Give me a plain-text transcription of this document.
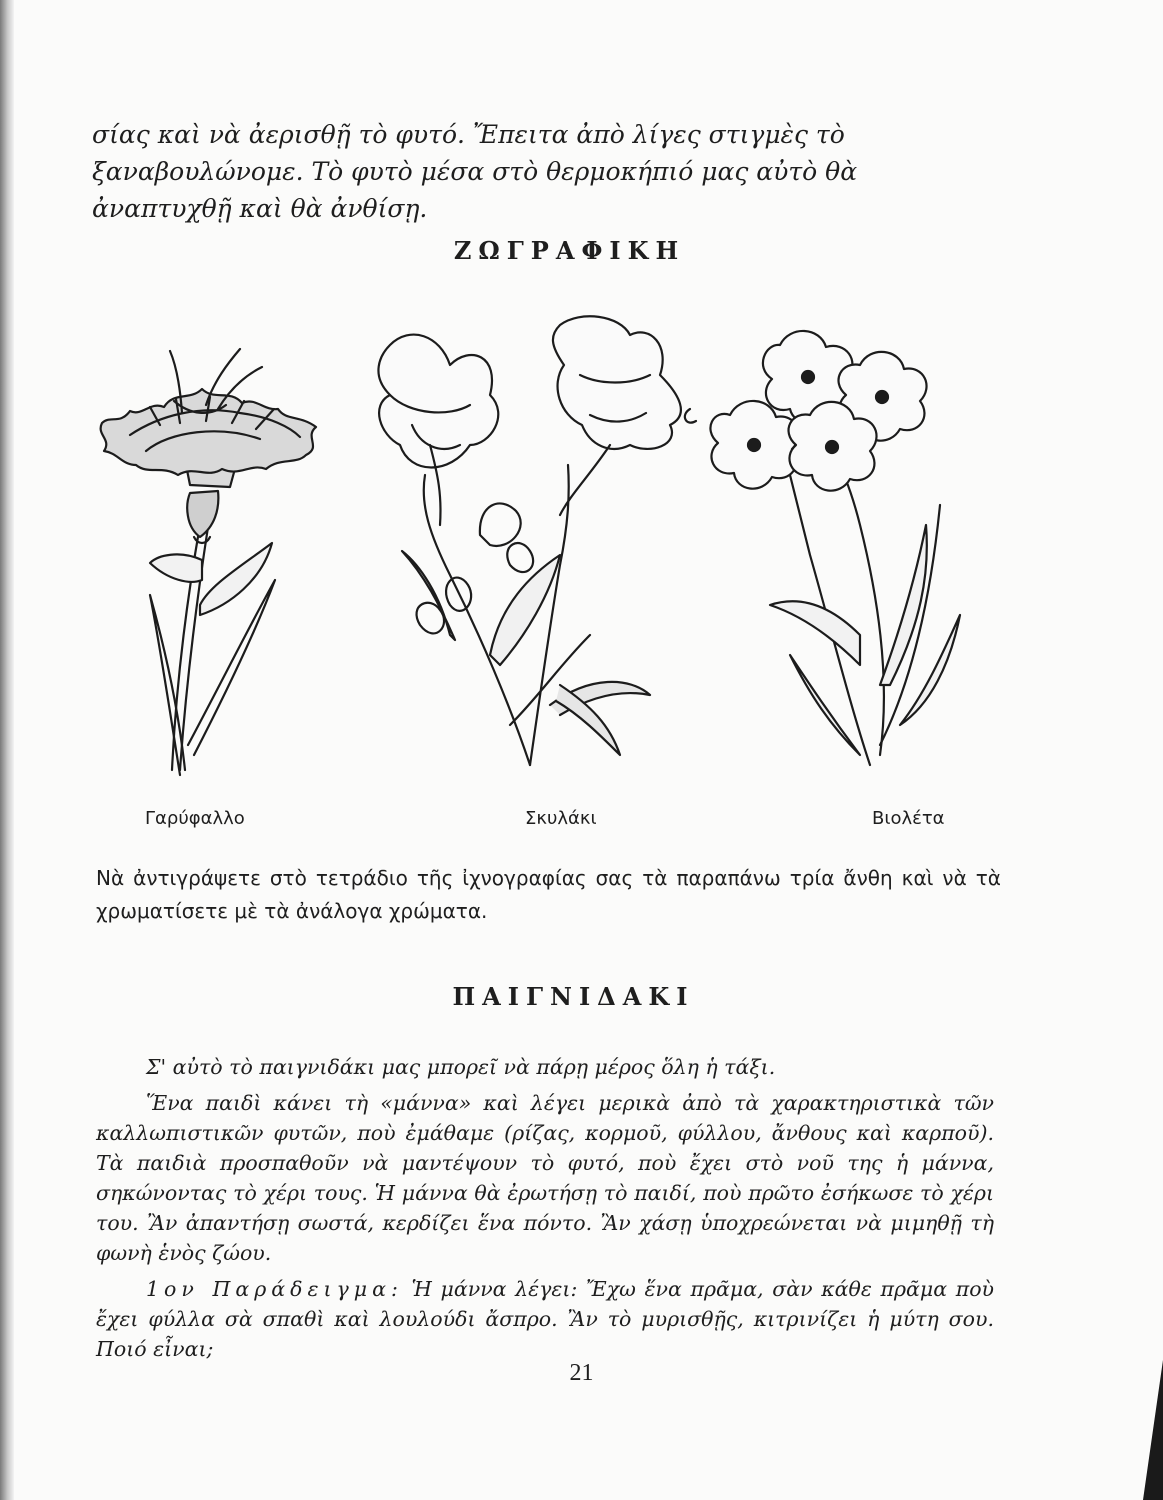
σίας καὶ νὰ ἀερισθῇ τὸ φυτό. Ἔπειτα ἀπὸ λίγες στιγμὲς τὸ ξαναβουλώνομε. Τὸ φυτὸ μέσα στὸ θερμοκήπιό μας αὐτὸ θὰ ἀναπτυχθῇ καὶ θὰ ἀνθίσῃ.

ΖΩΓΡΑΦΙΚΗ

Γαρύφαλλο	Σκυλάκι	Βιολέτα

Νὰ ἀντιγράψετε στὸ τετράδιο τῆς ἰχνογραφίας σας τὰ παραπάνω τρία ἄνθη καὶ νὰ τὰ χρωματίσετε μὲ τὰ ἀνάλογα χρώματα.

ΠΑΙΓΝΙΔΑΚΙ

Σ' αὐτὸ τὸ παιγνιδάκι μας μπορεῖ νὰ πάρῃ μέρος ὅλη ἡ τάξι.

Ἕνα παιδὶ κάνει τὴ «μάννα» καὶ λέγει μερικὰ ἀπὸ τὰ χαρακτηριστικὰ τῶν καλλωπιστικῶν φυτῶν, ποὺ ἐμάθαμε (ρίζας, κορμοῦ, φύλλου, ἄνθους καὶ καρποῦ). Τὰ παιδιὰ προσπαθοῦν νὰ μαντέψουν τὸ φυτό, ποὺ ἔχει στὸ νοῦ της ἡ μάννα, σηκώνοντας τὸ χέρι τους. Ἡ μάννα θὰ ἐρωτήσῃ τὸ παιδί, ποὺ πρῶτο ἐσήκωσε τὸ χέρι του. Ἂν ἀπαντήσῃ σωστά, κερδίζει ἕνα πόντο. Ἂν χάσῃ ὑποχρεώνεται νὰ μιμηθῇ τὴ φωνὴ ἑνὸς ζώου.

1ον Παράδειγμα: Ἡ μάννα λέγει: Ἔχω ἕνα πρᾶμα, σὰν κάθε πρᾶμα ποὺ ἔχει φύλλα σὰ σπαθὶ καὶ λουλούδι ἄσπρο. Ἂν τὸ μυρισθῇς, κιτρινίζει ἡ μύτη σου. Ποιό εἶναι;

21
